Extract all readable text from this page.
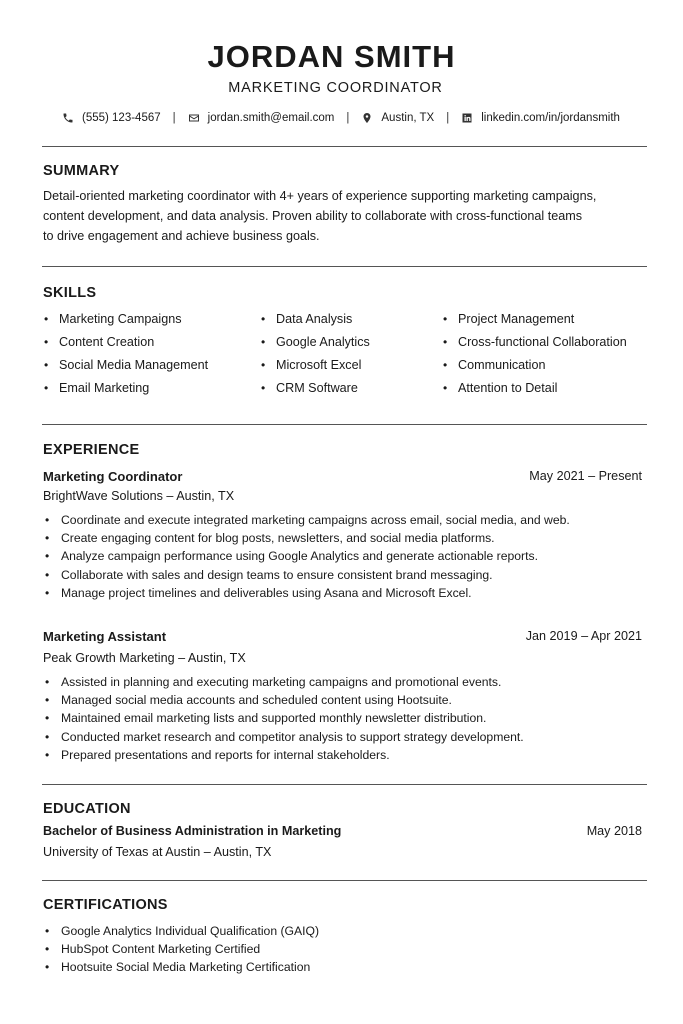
JORDAN SMITH
MARKETING COORDINATOR
(555) 123-4567 |	jordan.smith@email.com |	Austin, TX |	linkedin.com/in/jordansmith
SUMMARY
Detail-oriented marketing coordinator with 4+ years of experience supporting marketing campaigns,
content development, and data analysis. Proven ability to collaborate with cross-functional teams
to drive engagement and achieve business goals.
SKILLS
• Marketing Campaigns
• Content Creation
• Social Media Management
• Email Marketing
• Data Analysis
• Google Analytics
• Microsoft Excel
• CRM Software
• Project Management
• Cross-functional Collaboration
• Communication
• Attention to Detail
EXPERIENCE
Marketing Coordinator	May 2021 – Present
BrightWave Solutions – Austin, TX
• Coordinate and execute integrated marketing campaigns across email, social media, and web.
• Create engaging content for blog posts, newsletters, and social media platforms.
• Analyze campaign performance using Google Analytics and generate actionable reports.
• Collaborate with sales and design teams to ensure consistent brand messaging.
• Manage project timelines and deliverables using Asana and Microsoft Excel.
Marketing Assistant	Jan 2019 – Apr 2021
Peak Growth Marketing – Austin, TX
• Assisted in planning and executing marketing campaigns and promotional events.
• Managed social media accounts and scheduled content using Hootsuite.
• Maintained email marketing lists and supported monthly newsletter distribution.
• Conducted market research and competitor analysis to support strategy development.
• Prepared presentations and reports for internal stakeholders.
EDUCATION
Bachelor of Business Administration in Marketing	May 2018
University of Texas at Austin – Austin, TX
CERTIFICATIONS
• Google Analytics Individual Qualification (GAIQ)
• HubSpot Content Marketing Certified
• Hootsuite Social Media Marketing Certification
